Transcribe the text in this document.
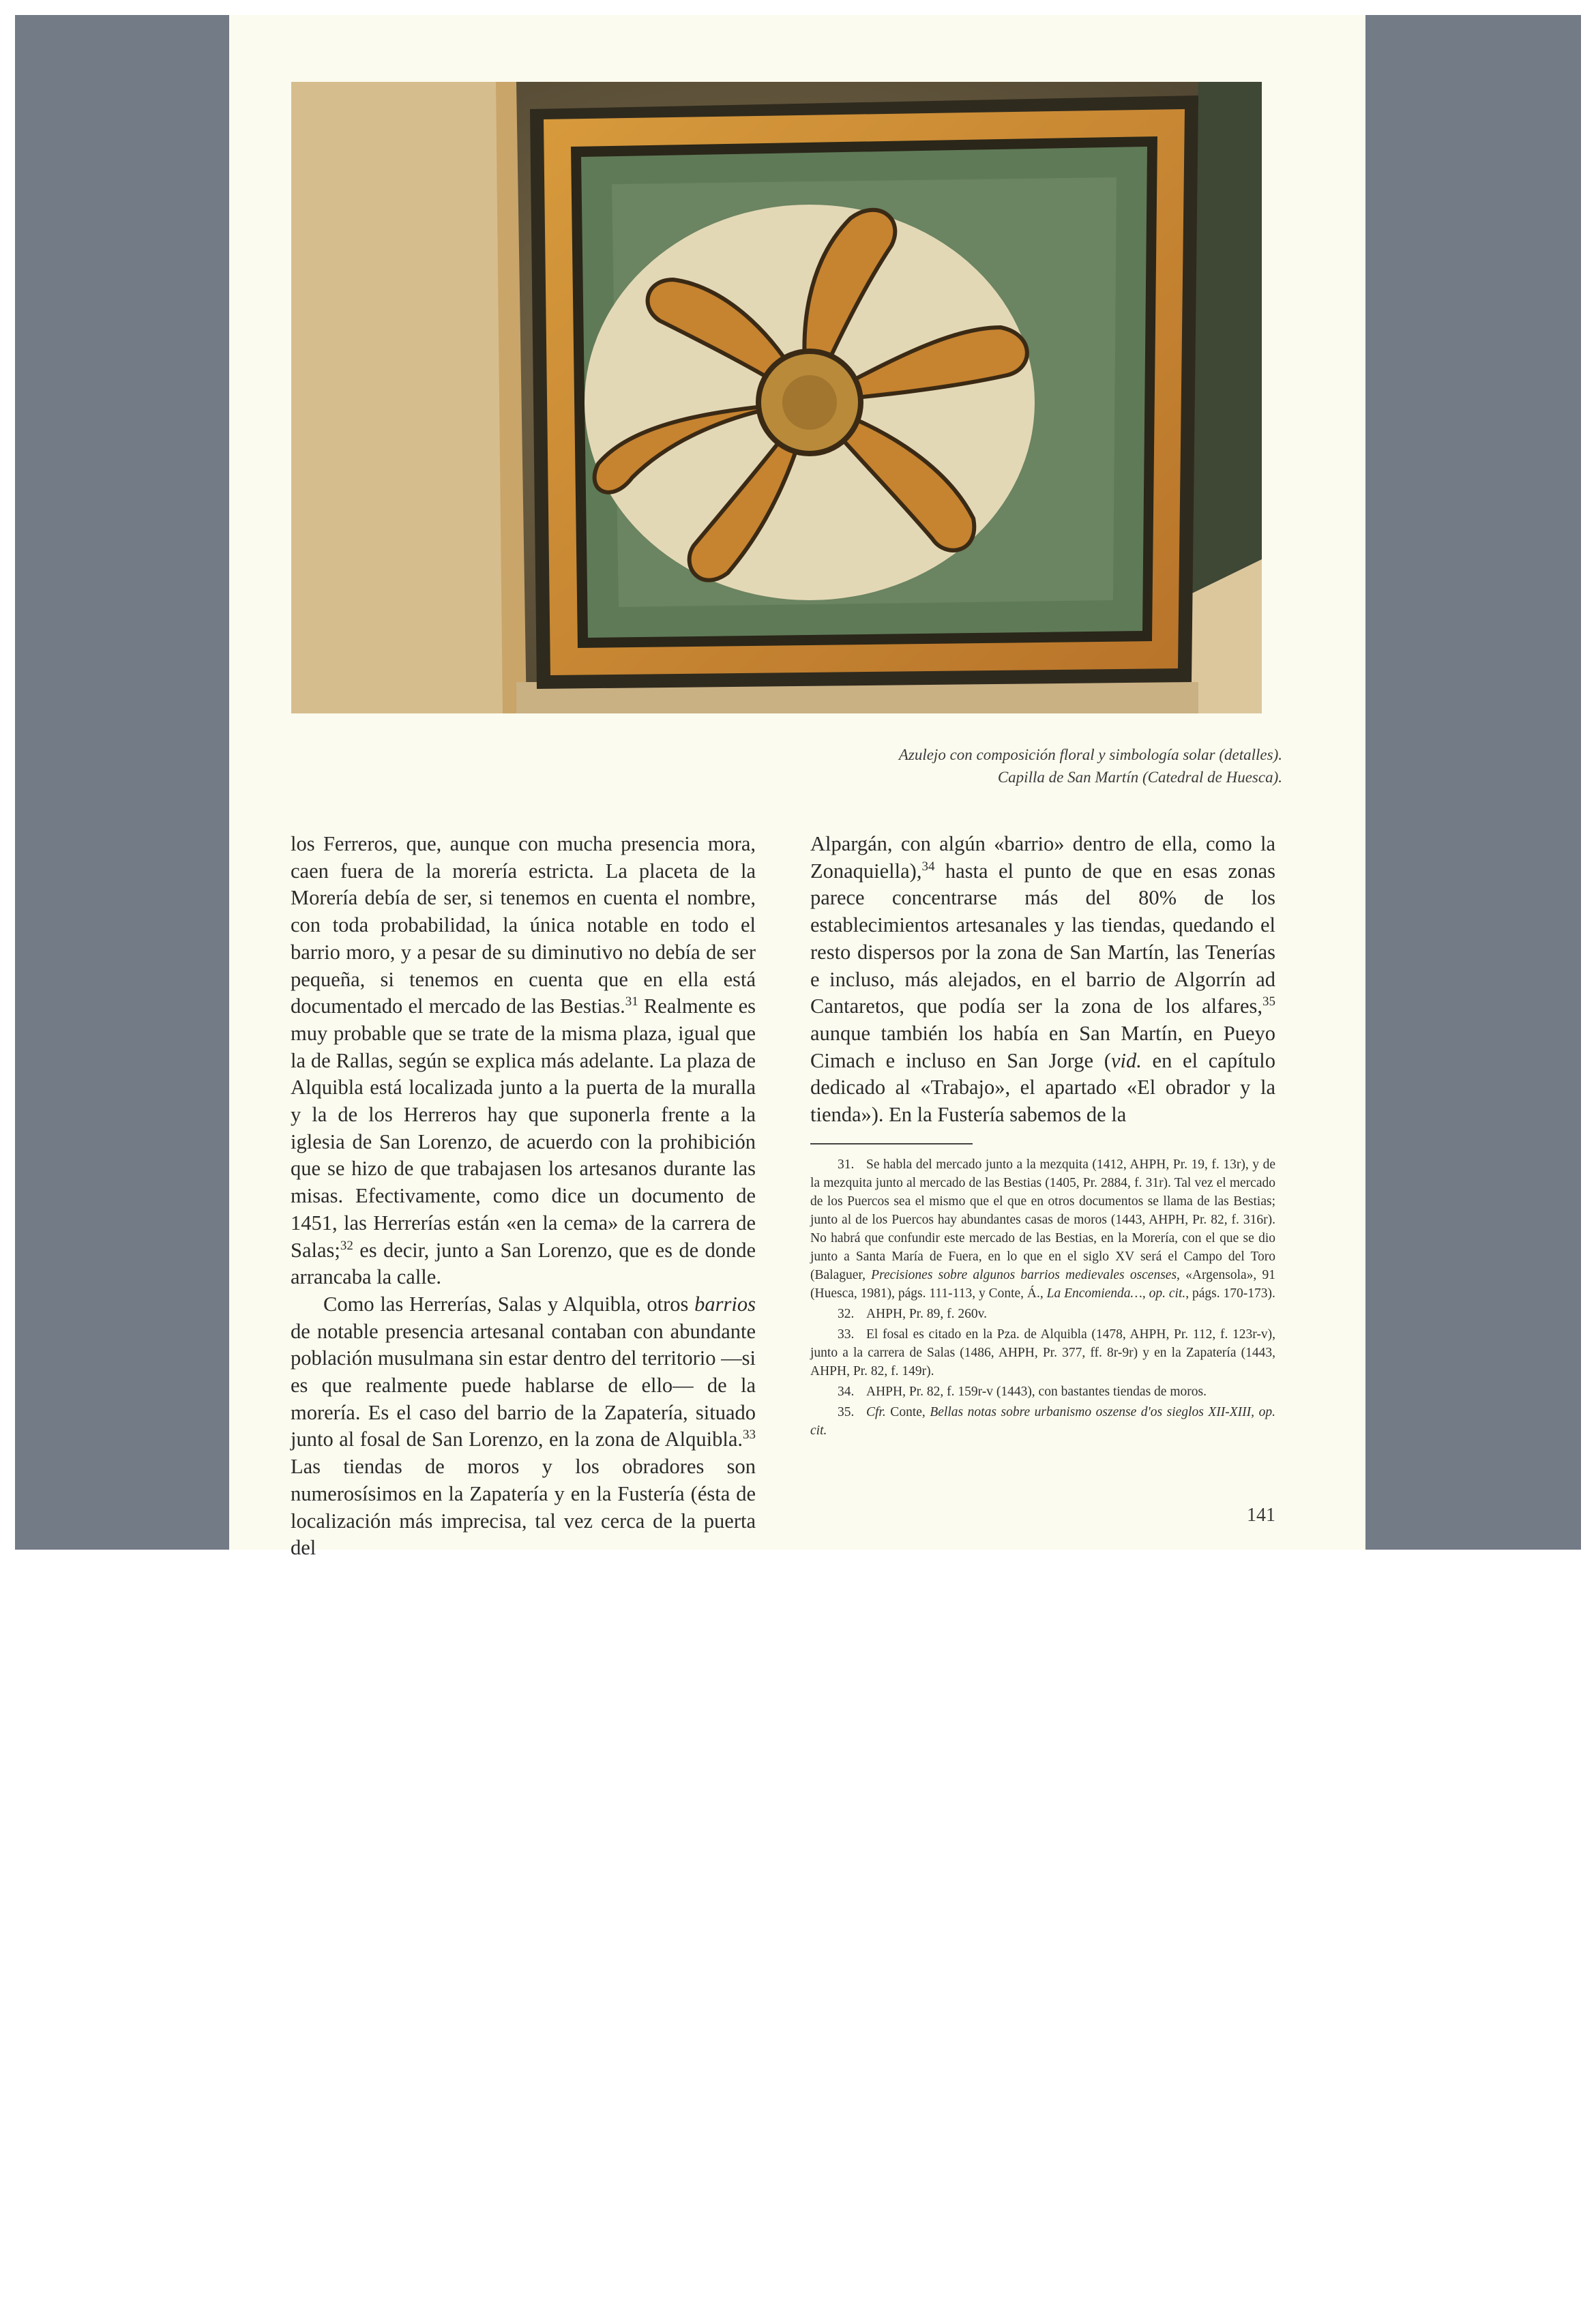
Azulejo con composición floral y simbología solar (detalles).
Capilla de San Martín (Catedral de Huesca).

los Ferreros, que, aunque con mucha presencia mora, caen fuera de la morería estricta. La placeta de la Morería debía de ser, si tenemos en cuenta el nombre, con toda probabilidad, la única notable en todo el barrio moro, y a pesar de su diminutivo no debía de ser pequeña, si tenemos en cuenta que en ella está documentado el mercado de las Bestias.$^{31}$ Realmente es muy probable que se trate de la misma plaza, igual que la de Rallas, según se explica más adelante. La plaza de Alquibla está localizada junto a la puerta de la muralla y la de los Herreros hay que suponerla frente a la iglesia de San Lorenzo, de acuerdo con la prohibición que se hizo de que trabajasen los artesanos durante las misas. Efectivamente, como dice un documento de 1451, las Herrerías están «en la cema» de la carrera de Salas;$^{32}$ es decir, junto a San Lorenzo, que es de donde arrancaba la calle.

Como las Herrerías, Salas y Alquibla, otros barrios de notable presencia artesanal contaban con abundante población musulmana sin estar dentro del territorio —si es que realmente puede hablarse de ello— de la morería. Es el caso del barrio de la Zapatería, situado junto al fosal de San Lorenzo, en la zona de Alquibla.$^{33}$ Las tiendas de moros y los obradores son numerosísimos en la Zapatería y en la Fustería (ésta de localización más imprecisa, tal vez cerca de la puerta del

Alpargán, con algún «barrio» dentro de ella, como la Zonaquiella),$^{34}$ hasta el punto de que en esas zonas parece concentrarse más del 80% de los establecimientos artesanales y las tiendas, quedando el resto dispersos por la zona de San Martín, las Tenerías e incluso, más alejados, en el barrio de Algorrín ad Cantaretos, que podía ser la zona de los alfares,$^{35}$ aunque también los había en San Martín, en Pueyo Cimach e incluso en San Jorge (vid. en el capítulo dedicado al «Trabajo», el apartado «El obrador y la tienda»). En la Fustería sabemos de la

31. Se habla del mercado junto a la mezquita (1412, AHPH, Pr. 19, f. 13r), y de la mezquita junto al mercado de las Bestias (1405, Pr. 2884, f. 31r). Tal vez el mercado de los Puercos sea el mismo que el que en otros documentos se llama de las Bestias; junto al de los Puercos hay abundantes casas de moros (1443, AHPH, Pr. 82, f. 316r). No habrá que confundir este mercado de las Bestias, en la Morería, con el que se dio junto a Santa María de Fuera, en lo que en el siglo XV será el Campo del Toro (Balaguer, Precisiones sobre algunos barrios medievales oscenses, «Argensola», 91 (Huesca, 1981), págs. 111-113, y Conte, Á., La Encomienda…, op. cit., págs. 170-173).

32. AHPH, Pr. 89, f. 260v.

33. El fosal es citado en la Pza. de Alquibla (1478, AHPH, Pr. 112, f. 123r-v), junto a la carrera de Salas (1486, AHPH, Pr. 377, ff. 8r-9r) y en la Zapatería (1443, AHPH, Pr. 82, f. 149r).

34. AHPH, Pr. 82, f. 159r-v (1443), con bastantes tiendas de moros.

35. Cfr. Conte, Bellas notas sobre urbanismo oszense d'os sieglos XII-XIII, op. cit.

141
